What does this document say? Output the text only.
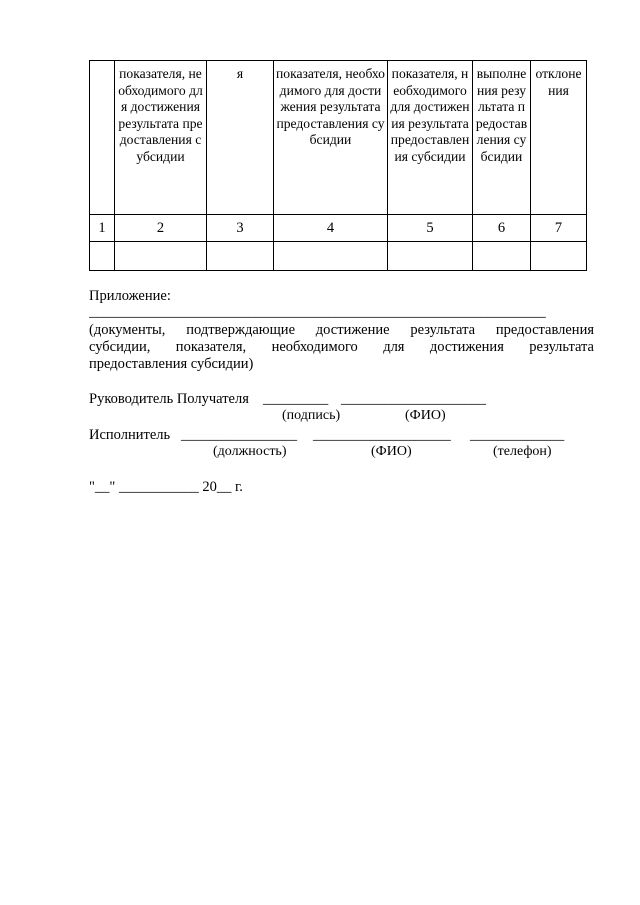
	показателя, необходимого для достижения результата предоставления субсидии	я	показателя, необходимого для достижения результата предоставления субсидии	показателя, необходимого для достижения результата предоставления субсидии	выполнения результата предоставления субсидии	отклонения
1	2	3	4	5	6	7

Приложение:
_______________________________________________________________
(документы, подтверждающие достижение результата предоставления
субсидии, показателя, необходимого для достижения результата
предоставления субсидии)
Руководитель Получателя _________ ____________________
(подпись)	(ФИО)
Исполнитель ________________ ___________________ _____________
(должность)	(ФИО)	(телефон)
"__" ___________ 20__ г.
